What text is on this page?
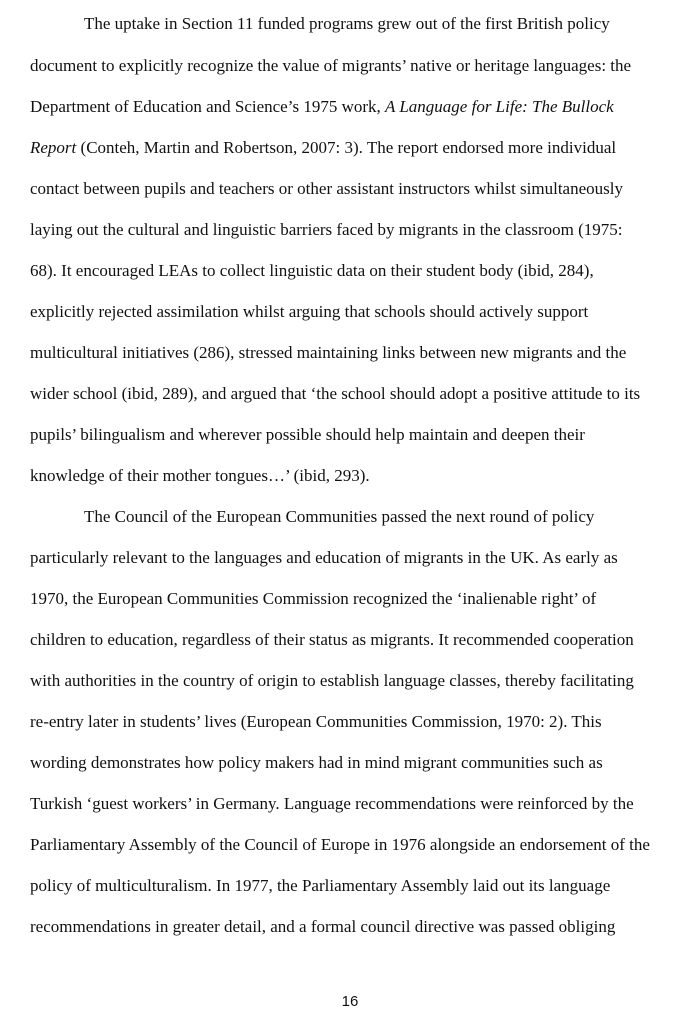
The uptake in Section 11 funded programs grew out of the first British policy
document to explicitly recognize the value of migrants’ native or heritage languages: the
Department of Education and Science’s 1975 work, A Language for Life: The Bullock
Report (Conteh, Martin and Robertson, 2007: 3). The report endorsed more individual
contact between pupils and teachers or other assistant instructors whilst simultaneously
laying out the cultural and linguistic barriers faced by migrants in the classroom (1975:
68). It encouraged LEAs to collect linguistic data on their student body (ibid, 284),
explicitly rejected assimilation whilst arguing that schools should actively support
multicultural initiatives (286), stressed maintaining links between new migrants and the
wider school (ibid, 289), and argued that ‘the school should adopt a positive attitude to its
pupils’ bilingualism and wherever possible should help maintain and deepen their
knowledge of their mother tongues…’ (ibid, 293).
The Council of the European Communities passed the next round of policy
particularly relevant to the languages and education of migrants in the UK. As early as
1970, the European Communities Commission recognized the ‘inalienable right’ of
children to education, regardless of their status as migrants. It recommended cooperation
with authorities in the country of origin to establish language classes, thereby facilitating
re-entry later in students’ lives (European Communities Commission, 1970: 2). This
wording demonstrates how policy makers had in mind migrant communities such as
Turkish ‘guest workers’ in Germany. Language recommendations were reinforced by the
Parliamentary Assembly of the Council of Europe in 1976 alongside an endorsement of the
policy of multiculturalism. In 1977, the Parliamentary Assembly laid out its language
recommendations in greater detail, and a formal council directive was passed obliging
16
